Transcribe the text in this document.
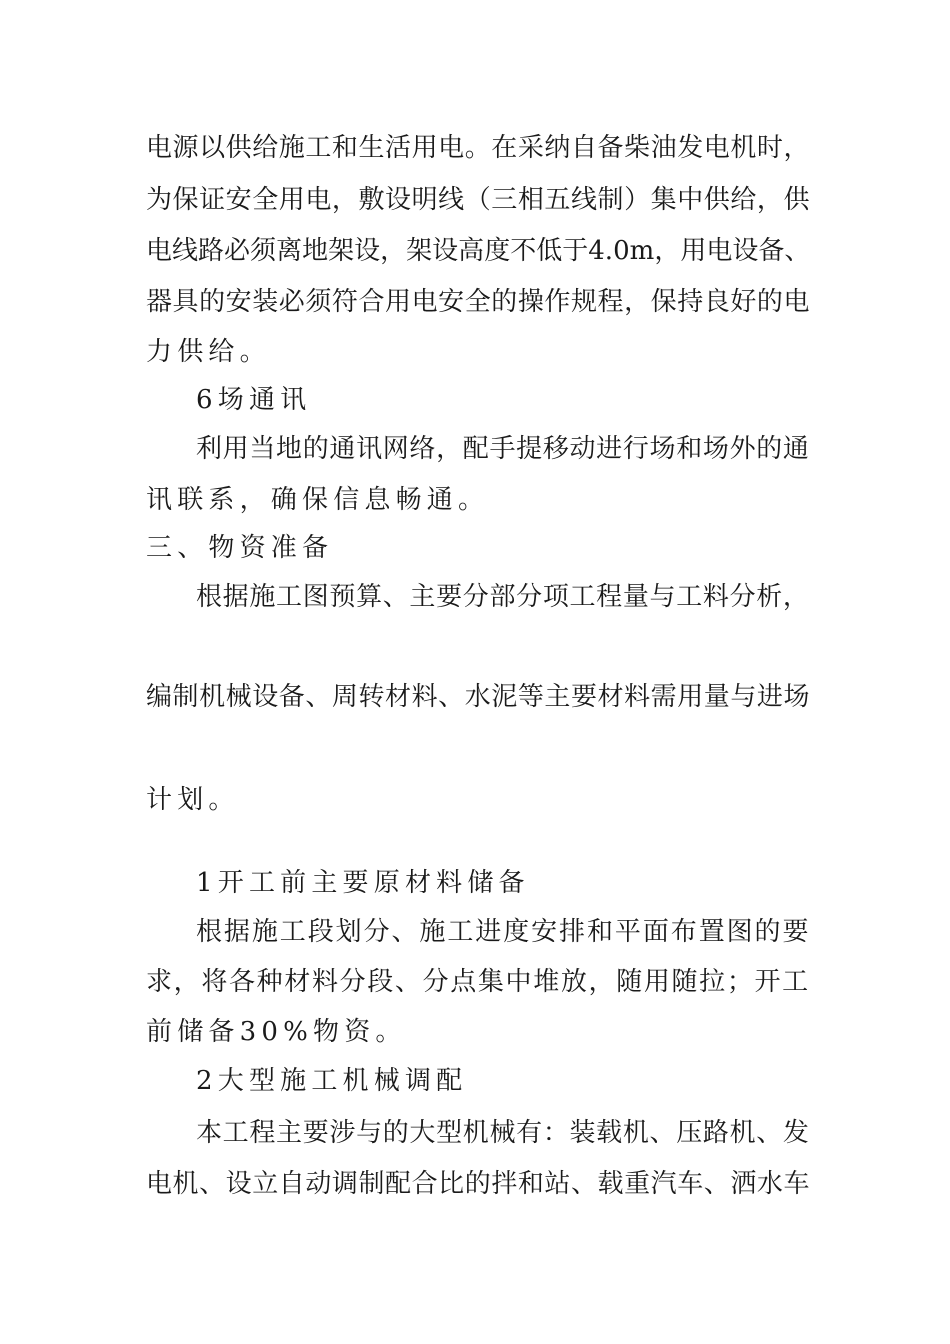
电源以供给施工和生活用电。在采纳自备柴油发电机时，
为保证安全用电，敷设明线（三相五线制）集中供给，供
电线路必须离地架设，架设高度不低于4.0m，用电设备、
器具的安装必须符合用电安全的操作规程，保持良好的电
力供给。
6场通讯
利用当地的通讯网络，配手提移动进行场和场外的通
讯联系，确保信息畅通。
三、物资准备
根据施工图预算、主要分部分项工程量与工料分析，
编制机械设备、周转材料、水泥等主要材料需用量与进场
计划。
1开工前主要原材料储备
根据施工段划分、施工进度安排和平面布置图的要
求，将各种材料分段、分点集中堆放，随用随拉；开工
前储备30%物资。
2大型施工机械调配
本工程主要涉与的大型机械有：装载机、压路机、发
电机、设立自动调制配合比的拌和站、载重汽车、洒水车
